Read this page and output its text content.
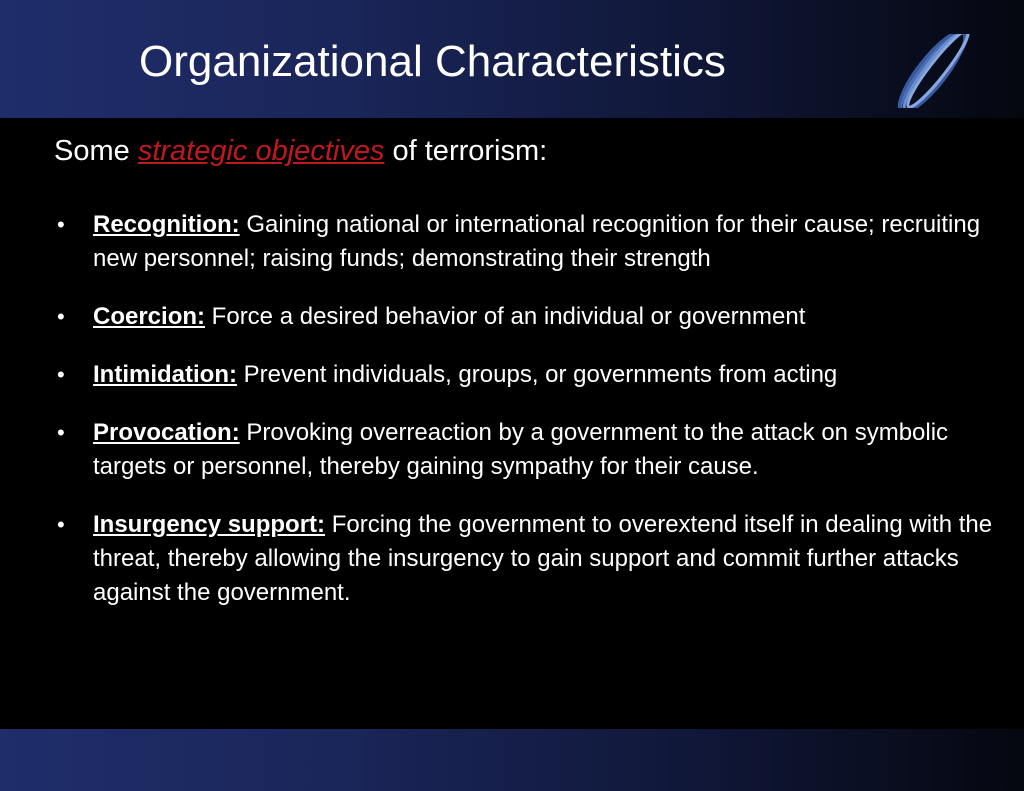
Organizational Characteristics
Some strategic objectives of terrorism:
• Recognition: Gaining national or international recognition for their cause; recruiting new personnel; raising funds; demonstrating their strength
• Coercion: Force a desired behavior of an individual or government
• Intimidation: Prevent individuals, groups, or governments from acting
• Provocation: Provoking overreaction by a government to the attack on symbolic targets or personnel, thereby gaining sympathy for their cause.
• Insurgency support: Forcing the government to overextend itself in dealing with the threat, thereby allowing the insurgency to gain support and commit further attacks against the government.
